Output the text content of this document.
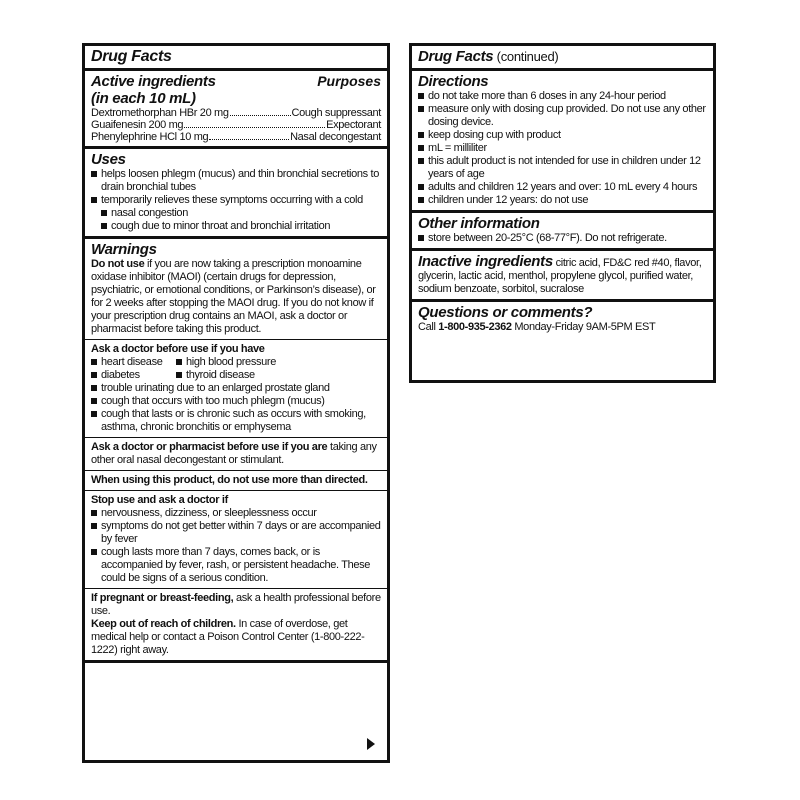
Drug Facts
Active ingredients	Purposes
(in each 10 mL)
Dextromethorphan HBr 20 mg	Cough suppressant
Guaifenesin 200 mg	Expectorant
Phenylephrine HCl 10 mg	Nasal decongestant
Uses
helps loosen phlegm (mucus) and thin bronchial secretions to drain bronchial tubes
temporarily relieves these symptoms occurring with a cold
nasal congestion
cough due to minor throat and bronchial irritation
Warnings
Do not use if you are now taking a prescription monoamine oxidase inhibitor (MAOI) (certain drugs for depression, psychiatric, or emotional conditions, or Parkinson’s disease), or for 2 weeks after stopping the MAOI drug. If you do not know if your prescription drug contains an MAOI, ask a doctor or pharmacist before taking this product.
Ask a doctor before use if you have
heart disease	high blood pressure
diabetes	thyroid disease
trouble urinating due to an enlarged prostate gland
cough that occurs with too much phlegm (mucus)
cough that lasts or is chronic such as occurs with smoking, asthma, chronic bronchitis or emphysema
Ask a doctor or pharmacist before use if you are taking any other oral nasal decongestant or stimulant.
When using this product, do not use more than directed.
Stop use and ask a doctor if
nervousness, dizziness, or sleeplessness occur
symptoms do not get better within 7 days or are accompanied by fever
cough lasts more than 7 days, comes back, or is accompanied by fever, rash, or persistent headache. These could be signs of a serious condition.
If pregnant or breast-feeding, ask a health professional before use.
Keep out of reach of children. In case of overdose, get medical help or contact a Poison Control Center (1-800-222-1222) right away.
Drug Facts (continued)
Directions
do not take more than 6 doses in any 24-hour period
measure only with dosing cup provided. Do not use any other dosing device.
keep dosing cup with product
mL = milliliter
this adult product is not intended for use in children under 12 years of age
adults and children 12 years and over: 10 mL every 4 hours
children under 12 years: do not use
Other information
store between 20-25°C (68-77°F). Do not refrigerate.
Inactive ingredients citric acid, FD&C red #40, flavor, glycerin, lactic acid, menthol, propylene glycol, purified water, sodium benzoate, sorbitol, sucralose
Questions or comments?
Call 1-800-935-2362 Monday-Friday 9AM-5PM EST
